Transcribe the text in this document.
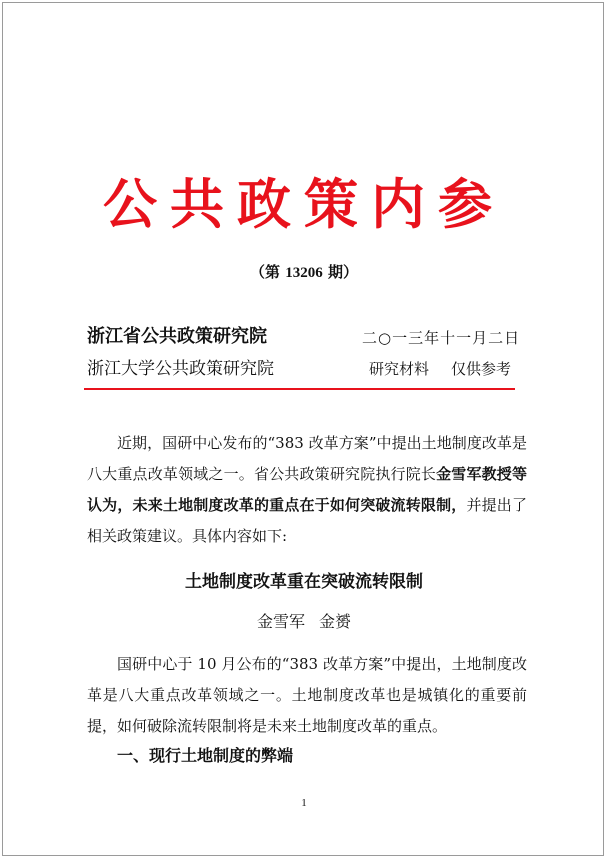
公共政策内参
（第 13206 期）
浙江省公共政策研究院
浙江大学公共政策研究院
二○一三年十一月二日
研究材料 仅供参考

近期，国研中心发布的“383 改革方案”中提出土地制度改革是八大重点改革领域之一。省公共政策研究院执行院长金雪军教授等认为，未来土地制度改革的重点在于如何突破流转限制，并提出了相关政策建议。具体内容如下:

土地制度改革重在突破流转限制
金雪军 金赟

国研中心于 10 月公布的“383 改革方案”中提出，土地制度改革是八大重点改革领域之一。土地制度改革也是城镇化的重要前提，如何破除流转限制将是未来土地制度改革的重点。

一、现行土地制度的弊端
1
